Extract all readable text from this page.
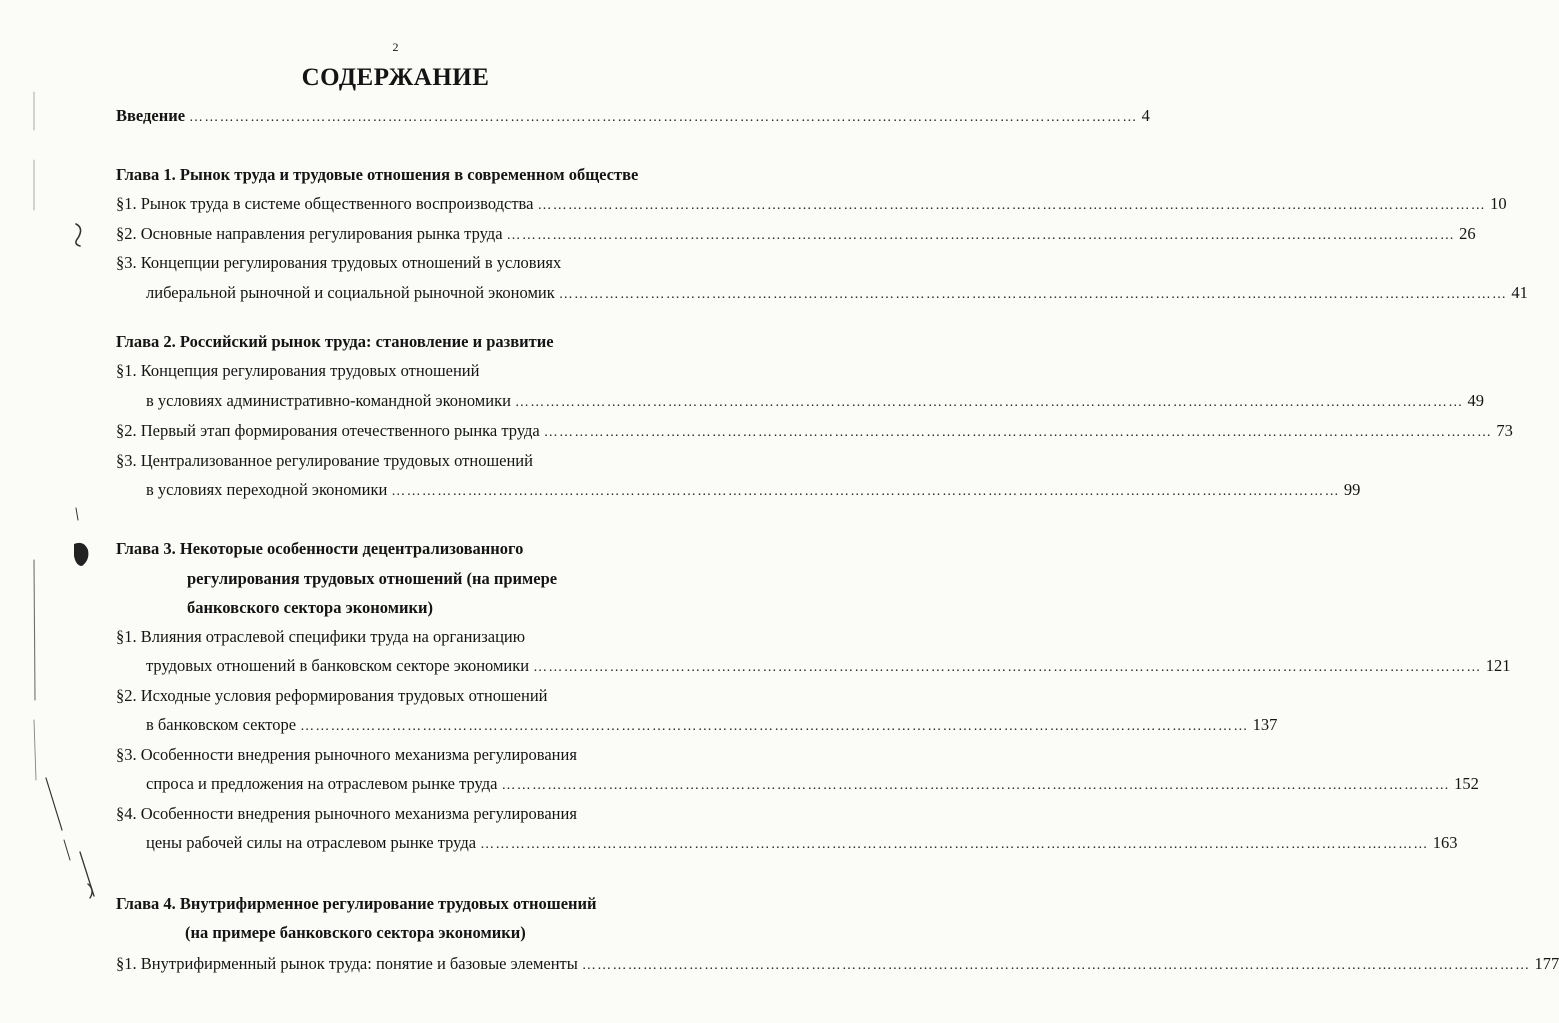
2
СОДЕРЖАНИЕ
Введение …………………………………………………………………………………………………………………………………………………………………… 4
Глава 1. Рынок труда и трудовые отношения в современном обществе
§1. Рынок труда в системе общественного воспроизводства …………………………………………………………………………………………………………………………………………………………………… 10
§2. Основные направления регулирования рынка труда …………………………………………………………………………………………………………………………………………………………………… 26
§3. Концепции регулирования трудовых отношений в условиях
либеральной рыночной и социальной рыночной экономик …………………………………………………………………………………………………………………………………………………………………… 41
Глава 2. Российский рынок труда: становление и развитие
§1. Концепция регулирования трудовых отношений
в условиях административно-командной экономики …………………………………………………………………………………………………………………………………………………………………… 49
§2. Первый этап формирования отечественного рынка труда …………………………………………………………………………………………………………………………………………………………………… 73
§3. Централизованное регулирование трудовых отношений
в условиях переходной экономики …………………………………………………………………………………………………………………………………………………………………… 99
Глава 3. Некоторые особенности децентрализованного
регулирования трудовых отношений (на примере
банковского сектора экономики)
§1. Влияния отраслевой специфики труда на организацию
трудовых отношений в банковском секторе экономики …………………………………………………………………………………………………………………………………………………………………… 121
§2. Исходные условия реформирования трудовых отношений
в банковском секторе …………………………………………………………………………………………………………………………………………………………………… 137
§3. Особенности внедрения рыночного механизма регулирования
спроса и предложения на отраслевом рынке труда …………………………………………………………………………………………………………………………………………………………………… 152
§4. Особенности внедрения рыночного механизма регулирования
цены рабочей силы на отраслевом рынке труда …………………………………………………………………………………………………………………………………………………………………… 163
Глава 4. Внутрифирменное регулирование трудовых отношений
(на примере банковского сектора экономики)
§1. Внутрифирменный рынок труда: понятие и базовые элементы …………………………………………………………………………………………………………………………………………………………………… 177
